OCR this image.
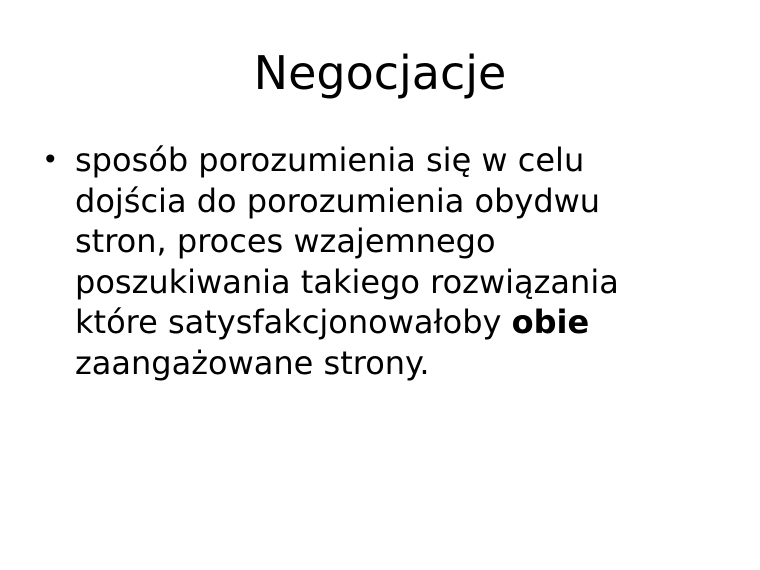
Negocjacje
• sposób porozumienia się w celu dojścia do porozumienia obydwu stron, proces wzajemnego poszukiwania takiego rozwiązania które satysfakcjonowałoby obie zaangażowane strony.
